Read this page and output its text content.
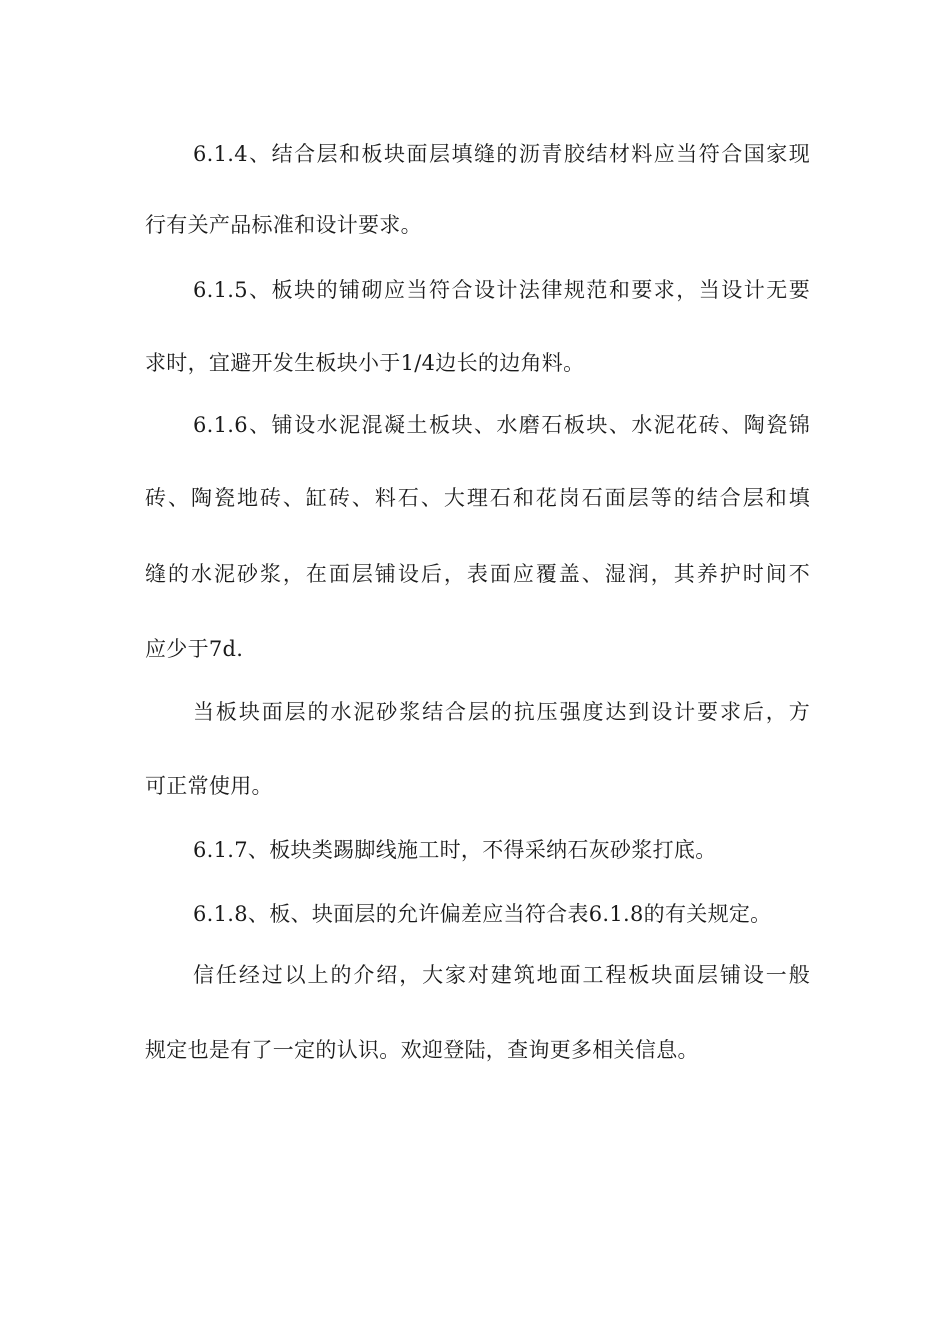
6.1.4、结合层和板块面层填缝的沥青胶结材料应当符合国家现
行有关产品标准和设计要求。
6.1.5、板块的铺砌应当符合设计法律规范和要求，当设计无要
求时，宜避开发生板块小于1/4边长的边角料。
6.1.6、铺设水泥混凝土板块、水磨石板块、水泥花砖、陶瓷锦
砖、陶瓷地砖、缸砖、料石、大理石和花岗石面层等的结合层和填
缝的水泥砂浆，在面层铺设后，表面应覆盖、湿润，其养护时间不
应少于7d.
当板块面层的水泥砂浆结合层的抗压强度达到设计要求后，方
可正常使用。
6.1.7、板块类踢脚线施工时，不得采纳石灰砂浆打底。
6.1.8、板、块面层的允许偏差应当符合表6.1.8的有关规定。
信任经过以上的介绍，大家对建筑地面工程板块面层铺设一般
规定也是有了一定的认识。欢迎登陆，查询更多相关信息。
